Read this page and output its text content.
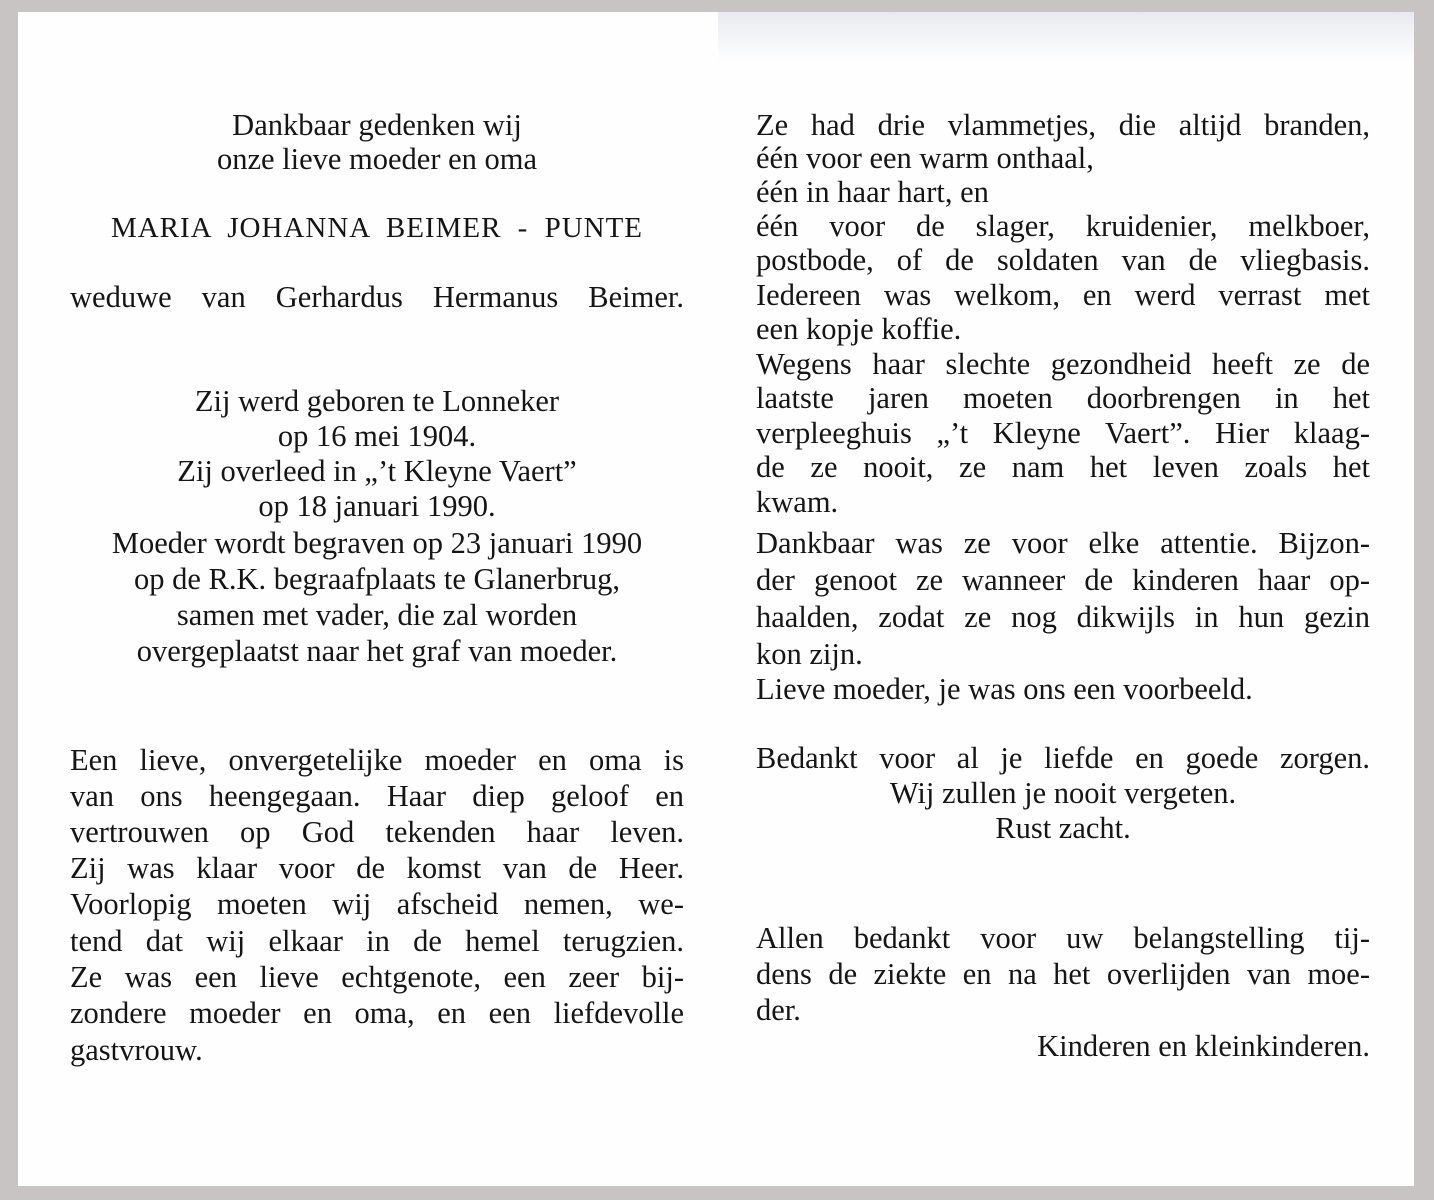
Dankbaar gedenken wij
onze lieve moeder en oma
MARIA JOHANNA BEIMER - PUNTE
weduwe van Gerhardus Hermanus Beimer.
Zij werd geboren te Lonneker
op 16 mei 1904.
Zij overleed in „’t Kleyne Vaert”
op 18 januari 1990.
Moeder wordt begraven op 23 januari 1990
op de R.K. begraafplaats te Glanerbrug,
samen met vader, die zal worden
overgeplaatst naar het graf van moeder.
Een lieve, onvergetelijke moeder en oma is
van ons heengegaan. Haar diep geloof en
vertrouwen op God tekenden haar leven.
Zij was klaar voor de komst van de Heer.
Voorlopig moeten wij afscheid nemen, we-
tend dat wij elkaar in de hemel terugzien.
Ze was een lieve echtgenote, een zeer bij-
zondere moeder en oma, en een liefdevolle
gastvrouw.
Ze had drie vlammetjes, die altijd branden,
één voor een warm onthaal,
één in haar hart, en
één voor de slager, kruidenier, melkboer,
postbode, of de soldaten van de vliegbasis.
Iedereen was welkom, en werd verrast met
een kopje koffie.
Wegens haar slechte gezondheid heeft ze de
laatste jaren moeten doorbrengen in het
verpleeghuis „’t Kleyne Vaert”. Hier klaag-
de ze nooit, ze nam het leven zoals het
kwam.
Dankbaar was ze voor elke attentie. Bijzon-
der genoot ze wanneer de kinderen haar op-
haalden, zodat ze nog dikwijls in hun gezin
kon zijn.
Lieve moeder, je was ons een voorbeeld.
Bedankt voor al je liefde en goede zorgen.
Wij zullen je nooit vergeten.
Rust zacht.
Allen bedankt voor uw belangstelling tij-
dens de ziekte en na het overlijden van moe-
der.
Kinderen en kleinkinderen.
